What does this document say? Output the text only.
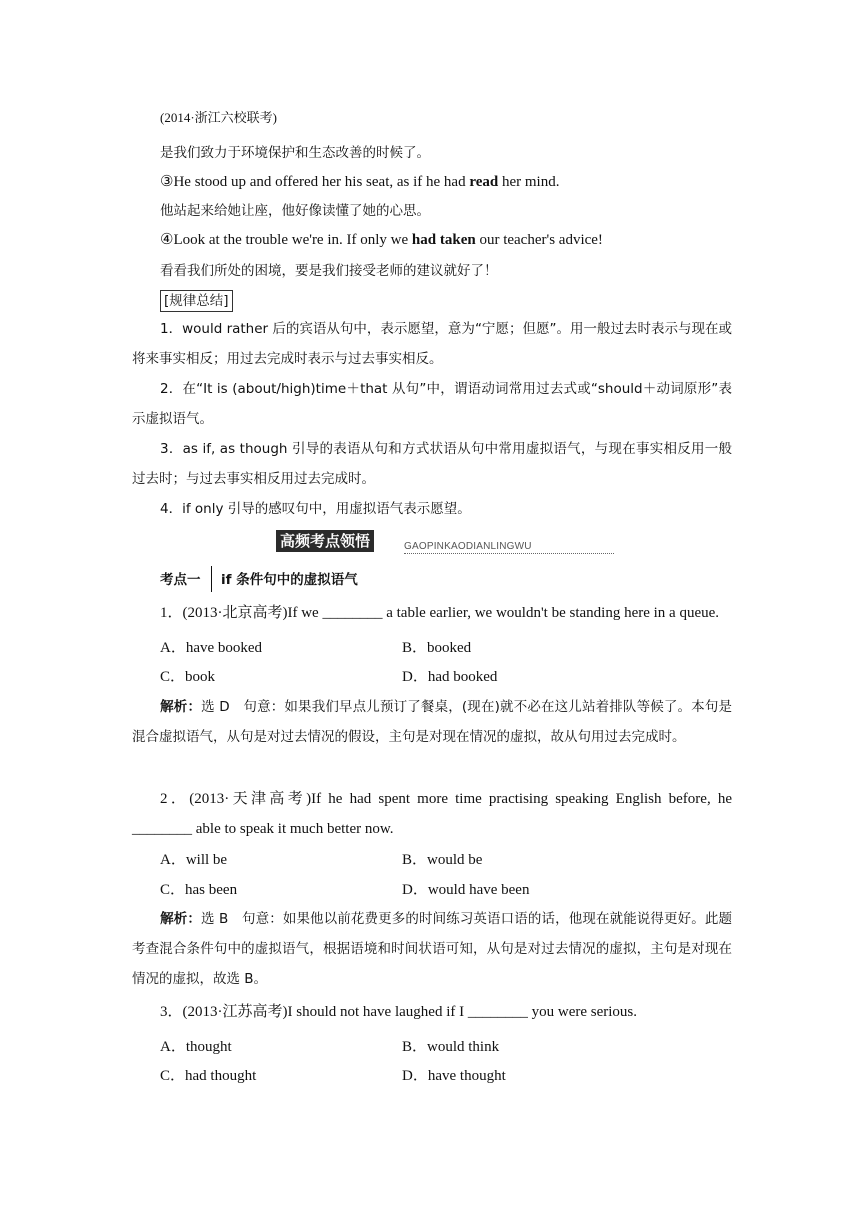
(2014·浙江六校联考)
是我们致力于环境保护和生态改善的时候了。
③He stood up and offered her his seat, as if he had read her mind.
他站起来给她让座，他好像读懂了她的心思。
④Look at the trouble we're in. If only we had taken our teacher's advice!
看看我们所处的困境，要是我们接受老师的建议就好了！
[规律总结]
1．would rather 后的宾语从句中，表示愿望，意为“宁愿；但愿”。用一般过去时表示与现在或将来事实相反；用过去完成时表示与过去事实相反。
2．在“It is (about/high)time＋that 从句”中，谓语动词常用过去式或“should＋动词原形”表示虚拟语气。
3．as if, as though 引导的表语从句和方式状语从句中常用虚拟语气，与现在事实相反用一般过去时；与过去事实相反用过去完成时。
4．if only 引导的感叹句中，用虚拟语气表示愿望。
高频考点领悟	GAOPINKAODIANLINGWU
考点一 if 条件句中的虚拟语气
1．(2013·北京高考)If we ________ a table earlier, we wouldn't be standing here in a queue.
A．have booked	B．booked
C．book	D．had booked
解析：选 D　句意：如果我们早点儿预订了餐桌，(现在)就不必在这儿站着排队等候了。本句是混合虚拟语气，从句是对过去情况的假设，主句是对现在情况的虚拟，故从句用过去完成时。
2．(2013·天津高考)If he had spent more time practising speaking English before, he ________ able to speak it much better now.
A．will be	B．would be
C．has been	D．would have been
解析：选 B　句意：如果他以前花费更多的时间练习英语口语的话，他现在就能说得更好。此题考查混合条件句中的虚拟语气，根据语境和时间状语可知，从句是对过去情况的虚拟，主句是对现在情况的虚拟，故选 B。
3．(2013·江苏高考)I should not have laughed if I ________ you were serious.
A．thought	B．would think
C．had thought	D．have thought
